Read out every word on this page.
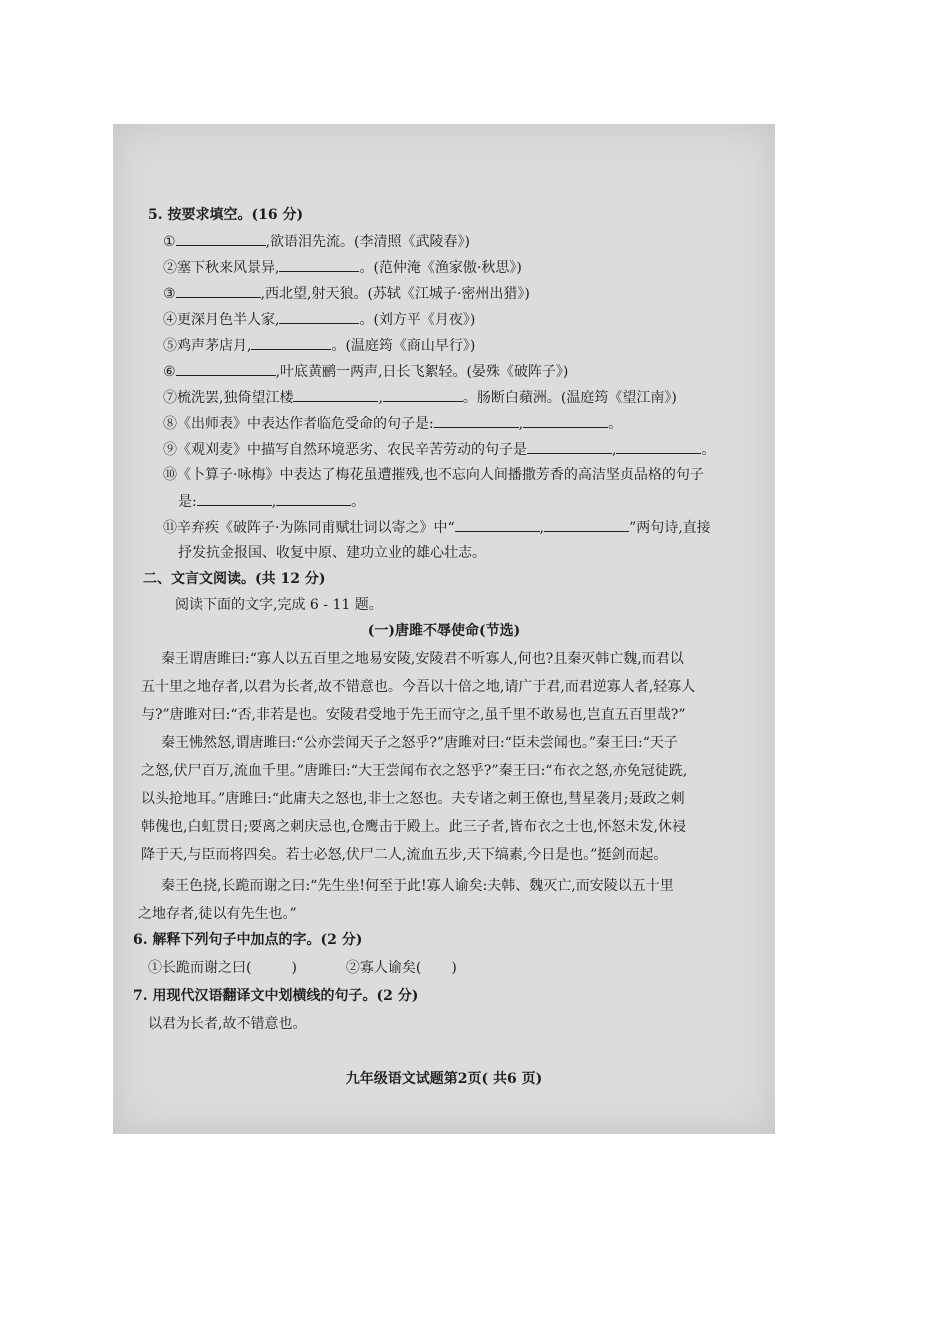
5. 按要求填空。(16 分)
①	,欲语泪先流。(李清照《武陵春》)
②塞下秋来风景异,	。(范仲淹《渔家傲·秋思》)
③	,西北望,射天狼。(苏轼《江城子·密州出猎》)
④更深月色半人家,	。(刘方平《月夜》)
⑤鸡声茅店月,	。(温庭筠《商山早行》)
⑥	,叶底黄鹂一两声,日长飞絮轻。(晏殊《破阵子》)
⑦梳洗罢,独倚望江楼	,	。肠断白蘋洲。(温庭筠《望江南》)
⑧《出师表》中表达作者临危受命的句子是:	,	。
⑨《观刈麦》中描写自然环境恶劣、农民辛苦劳动的句子是	,	。
⑩《卜算子·咏梅》中表达了梅花虽遭摧残,也不忘向人间播撒芳香的高洁坚贞品格的句子
是:	,	。
⑪辛弃疾《破阵子·为陈同甫赋壮词以寄之》中“	,	”两句诗,直接
抒发抗金报国、收复中原、建功立业的雄心壮志。
二、文言文阅读。(共 12 分)
阅读下面的文字,完成 6 - 11 题。
(一)唐雎不辱使命(节选)
秦王谓唐雎曰:“寡人以五百里之地易安陵,安陵君不听寡人,何也?且秦灭韩亡魏,而君以
五十里之地存者,以君为长者,故不错意也。今吾以十倍之地,请广于君,而君逆寡人者,轻寡人
与?”唐雎对曰:“否,非若是也。安陵君受地于先王而守之,虽千里不敢易也,岂直五百里哉?”
秦王怫然怒,谓唐雎曰:“公亦尝闻天子之怒乎?”唐雎对曰:“臣未尝闻也。”秦王曰:“天子
之怒,伏尸百万,流血千里。”唐雎曰:“大王尝闻布衣之怒乎?”秦王曰:“布衣之怒,亦免冠徒跣,
以头抢地耳。”唐雎曰:“此庸夫之怒也,非士之怒也。夫专诸之刺王僚也,彗星袭月;聂政之刺
韩傀也,白虹贯日;要离之刺庆忌也,仓鹰击于殿上。此三子者,皆布衣之士也,怀怒未发,休祲
降于天,与臣而将四矣。若士必怒,伏尸二人,流血五步,天下缟素,今日是也。”挺剑而起。
秦王色挠,长跪而谢之曰:“先生坐!何至于此!寡人谕矣:夫韩、魏灭亡,而安陵以五十里
之地存者,徒以有先生也。”
6. 解释下列句子中加点的字。(2 分)
①长跪而谢之曰(	)	②寡人谕矣( )
7. 用现代汉语翻译文中划横线的句子。(2 分)
以君为长者,故不错意也。
九年级语文试题第2页( 共6 页)
